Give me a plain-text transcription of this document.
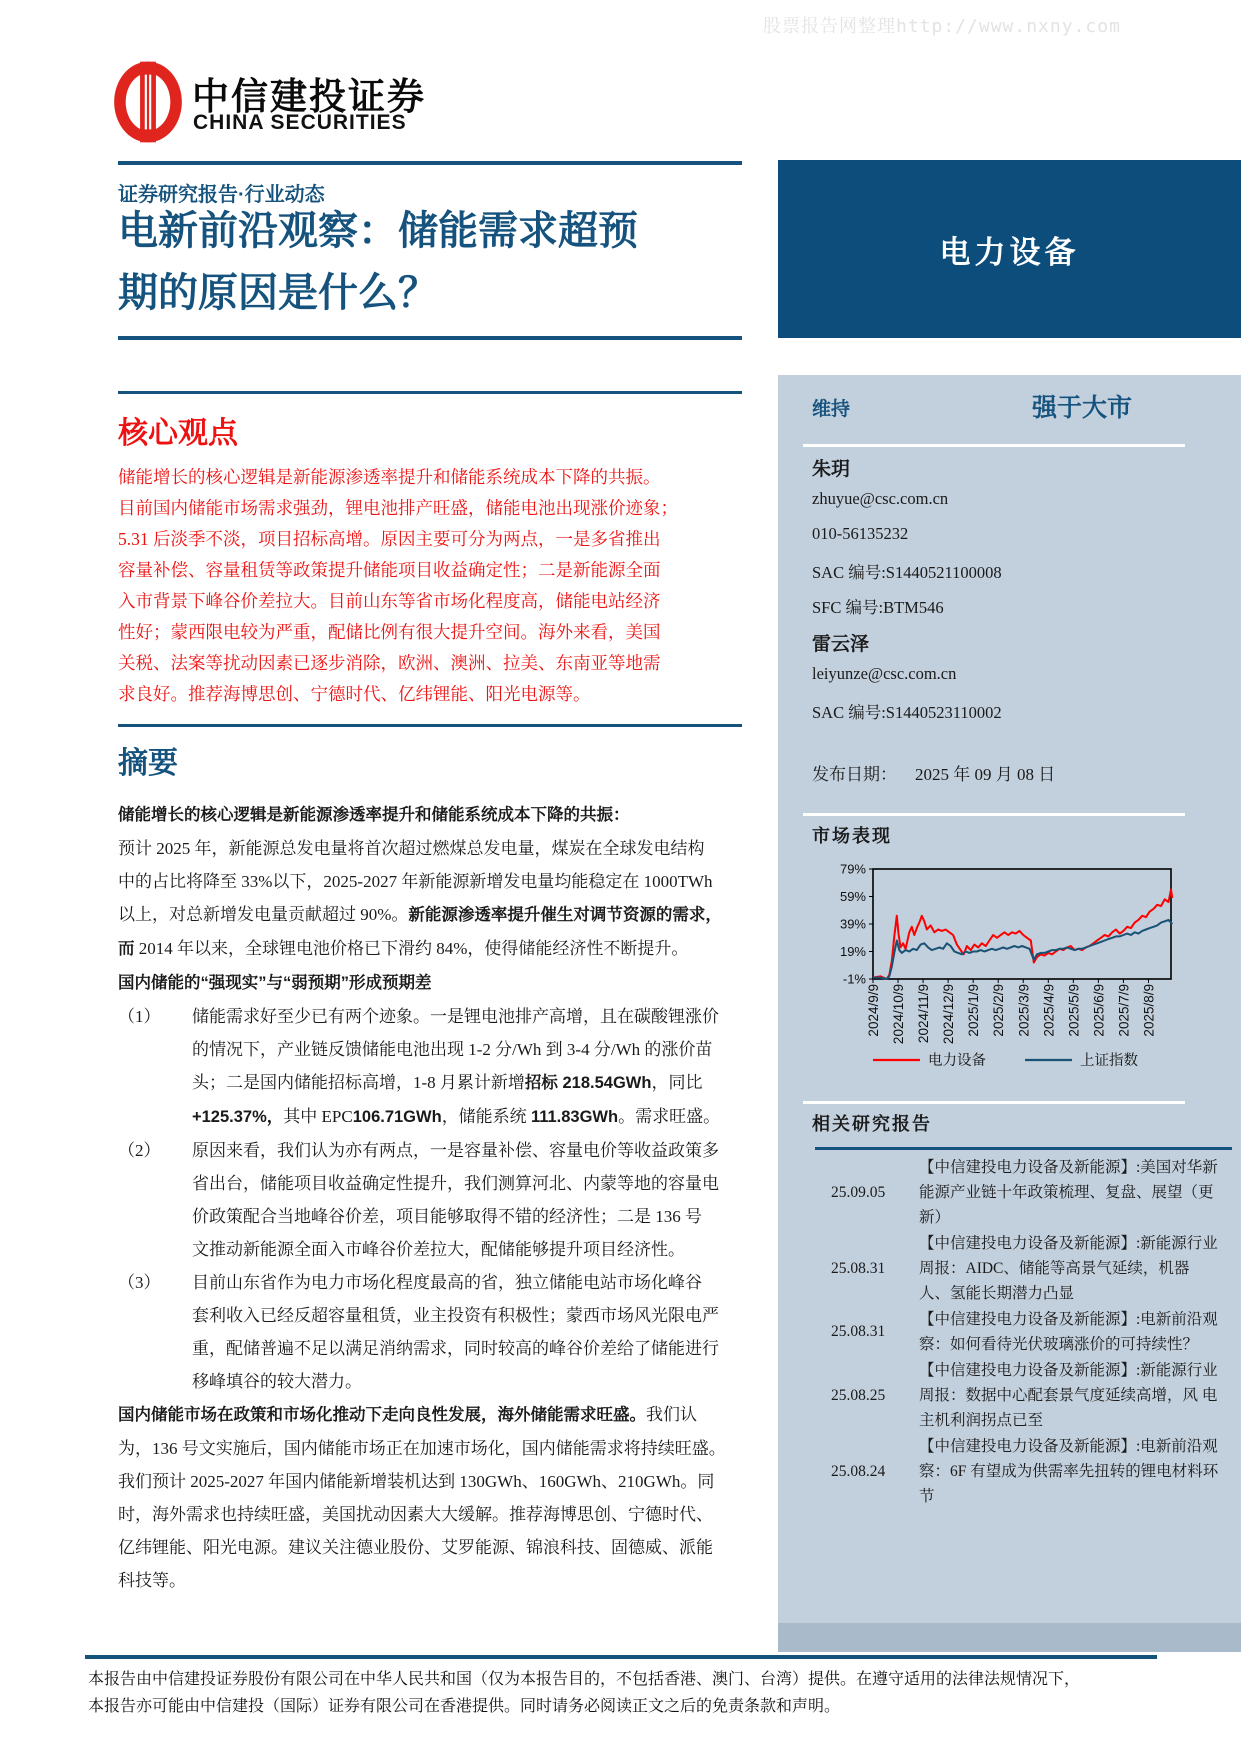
股票报告网整理http://www.nxny.com
中信建投证券
CHINA SECURITIES
证券研究报告·行业动态
电新前沿观察：储能需求超预
期的原因是什么？
核心观点
储能增长的核心逻辑是新能源渗透率提升和储能系统成本下降的共振。
目前国内储能市场需求强劲，锂电池排产旺盛，储能电池出现涨价迹象；
5.31 后淡季不淡，项目招标高增。原因主要可分为两点，一是多省推出
容量补偿、容量租赁等政策提升储能项目收益确定性；二是新能源全面
入市背景下峰谷价差拉大。目前山东等省市场化程度高，储能电站经济
性好；蒙西限电较为严重，配储比例有很大提升空间。海外来看，美国
关税、法案等扰动因素已逐步消除，欧洲、澳洲、拉美、东南亚等地需
求良好。推荐海博思创、宁德时代、亿纬锂能、阳光电源等。
摘要
储能增长的核心逻辑是新能源渗透率提升和储能系统成本下降的共振：
预计 2025 年，新能源总发电量将首次超过燃煤总发电量，煤炭在全球发电结构
中的占比将降至 33%以下，2025-2027 年新能源新增发电量均能稳定在 1000TWh
以上，对总新增发电量贡献超过 90%。新能源渗透率提升催生对调节资源的需求，
而 2014 年以来，全球锂电池价格已下滑约 84%，使得储能经济性不断提升。
国内储能的“强现实”与“弱预期”形成预期差
（1） 储能需求好至少已有两个迹象。一是锂电池排产高增，且在碳酸锂涨价
的情况下，产业链反馈储能电池出现 1-2 分/Wh 到 3-4 分/Wh 的涨价苗
头；二是国内储能招标高增，1-8 月累计新增招标 218.54GWh，同比
+125.37%，其中 EPC106.71GWh，储能系统 111.83GWh。需求旺盛。
（2） 原因来看，我们认为亦有两点，一是容量补偿、容量电价等收益政策多
省出台，储能项目收益确定性提升，我们测算河北、内蒙等地的容量电
价政策配合当地峰谷价差，项目能够取得不错的经济性；二是 136 号
文推动新能源全面入市峰谷价差拉大，配储能够提升项目经济性。
（3） 目前山东省作为电力市场化程度最高的省，独立储能电站市场化峰谷
套利收入已经反超容量租赁，业主投资有积极性；蒙西市场风光限电严
重，配储普遍不足以满足消纳需求，同时较高的峰谷价差给了储能进行
移峰填谷的较大潜力。
国内储能市场在政策和市场化推动下走向良性发展，海外储能需求旺盛。我们认
为，136 号文实施后，国内储能市场正在加速市场化，国内储能需求将持续旺盛。
我们预计 2025-2027 年国内储能新增装机达到 130GWh、160GWh、210GWh。同
时，海外需求也持续旺盛，美国扰动因素大大缓解。推荐海博思创、宁德时代、
亿纬锂能、阳光电源。建议关注德业股份、艾罗能源、锦浪科技、固德威、派能
科技等。
电力设备
维持	强于大市
朱玥
zhuyue@csc.com.cn
010-56135232
SAC 编号:S1440521100008
SFC 编号:BTM546
雷云泽
leiyunze@csc.com.cn
SAC 编号:S1440523110002
发布日期： 2025 年 09 月 08 日
市场表现
79%
59%
39%
19%
-1%
2024/9/9 2024/10/9 2024/11/9 2024/12/9 2025/1/9 2025/2/9 2025/3/9 2025/4/9 2025/5/9 2025/6/9 2025/7/9 2025/8/9
电力设备	上证指数
相关研究报告
25.09.05
【中信建投电力设备及新能源】:美国对华新能源产业链十年政策梳理、复盘、展望（更新）
25.08.31
【中信建投电力设备及新能源】:新能源行业周报：AIDC、储能等高景气延续，机器人、氢能长期潜力凸显
25.08.31
【中信建投电力设备及新能源】:电新前沿观察：如何看待光伏玻璃涨价的可持续性？
25.08.25
【中信建投电力设备及新能源】:新能源行业周报：数据中心配套景气度延续高增，风 电主机利润拐点已至
25.08.24
【中信建投电力设备及新能源】:电新前沿观察：6F 有望成为供需率先扭转的锂电材料环节
本报告由中信建投证券股份有限公司在中华人民共和国（仅为本报告目的，不包括香港、澳门、台湾）提供。在遵守适用的法律法规情况下，
本报告亦可能由中信建投（国际）证券有限公司在香港提供。同时请务必阅读正文之后的免责条款和声明。
